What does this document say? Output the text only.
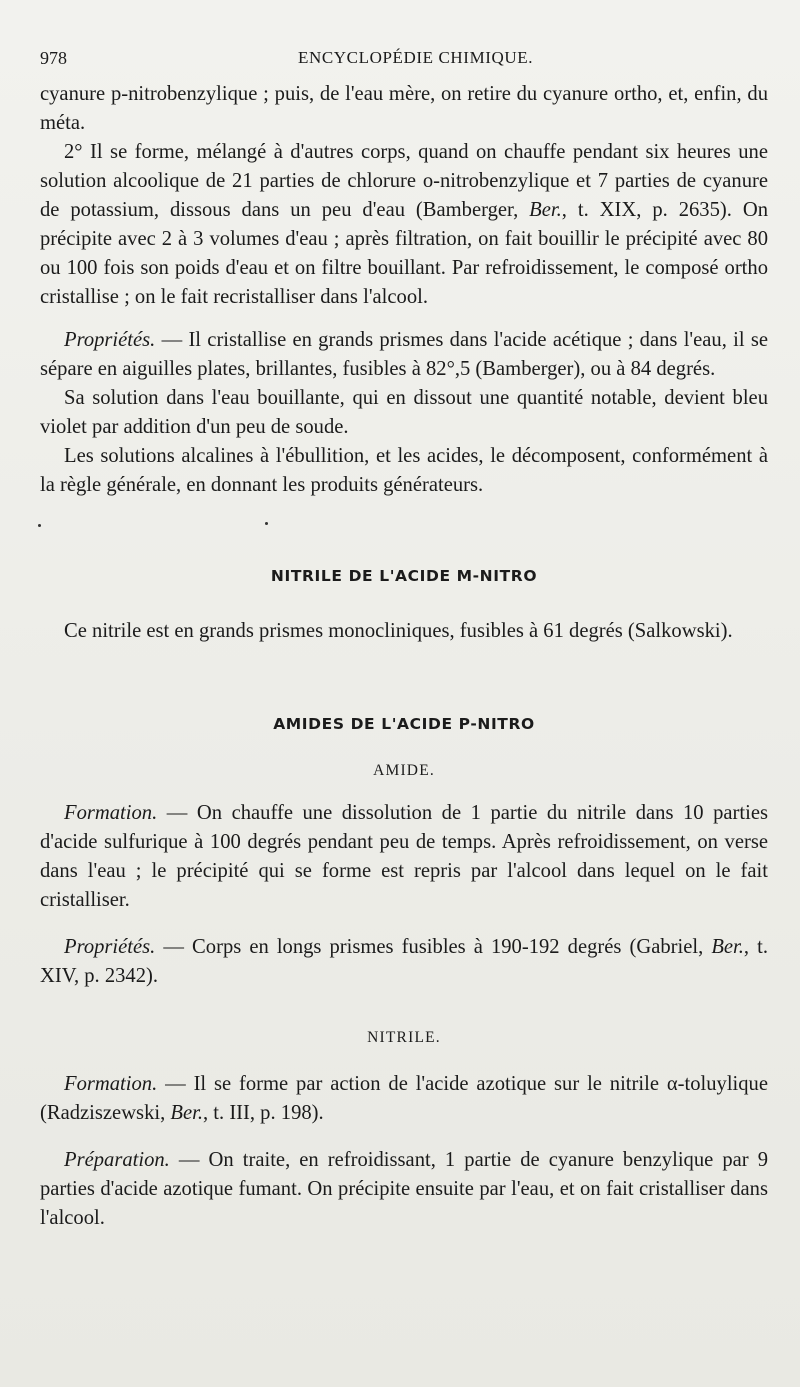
978	ENCYCLOPÉDIE CHIMIQUE.

cyanure p-nitrobenzylique ; puis, de l'eau mère, on retire du cyanure ortho, et, enfin, du méta.

2° Il se forme, mélangé à d'autres corps, quand on chauffe pendant six heures une solution alcoolique de 21 parties de chlorure o-nitrobenzylique et 7 parties de cyanure de potassium, dissous dans un peu d'eau (Bamberger, Ber., t. XIX, p. 2635). On précipite avec 2 à 3 volumes d'eau ; après filtration, on fait bouillir le précipité avec 80 ou 100 fois son poids d'eau et on filtre bouillant. Par refroidissement, le composé ortho cristallise ; on le fait recristalliser dans l'alcool.

Propriétés. — Il cristallise en grands prismes dans l'acide acétique ; dans l'eau, il se sépare en aiguilles plates, brillantes, fusibles à 82°,5 (Bamberger), ou à 84 degrés.

Sa solution dans l'eau bouillante, qui en dissout une quantité notable, devient bleu violet par addition d'un peu de soude.

Les solutions alcalines à l'ébullition, et les acides, le décomposent, conformément à la règle générale, en donnant les produits générateurs.

NITRILE DE L'ACIDE M-NITRO

Ce nitrile est en grands prismes monocliniques, fusibles à 61 degrés (Salkowski).

AMIDES DE L'ACIDE P-NITRO

AMIDE.

Formation. — On chauffe une dissolution de 1 partie du nitrile dans 10 parties d'acide sulfurique à 100 degrés pendant peu de temps. Après refroidissement, on verse dans l'eau ; le précipité qui se forme est repris par l'alcool dans lequel on le fait cristalliser.

Propriétés. — Corps en longs prismes fusibles à 190-192 degrés (Gabriel, Ber., t. XIV, p. 2342).

NITRILE.

Formation. — Il se forme par action de l'acide azotique sur le nitrile α-toluylique (Radziszewski, Ber., t. III, p. 198).

Préparation. — On traite, en refroidissant, 1 partie de cyanure benzylique par 9 parties d'acide azotique fumant. On précipite ensuite par l'eau, et on fait cristalliser dans l'alcool.
